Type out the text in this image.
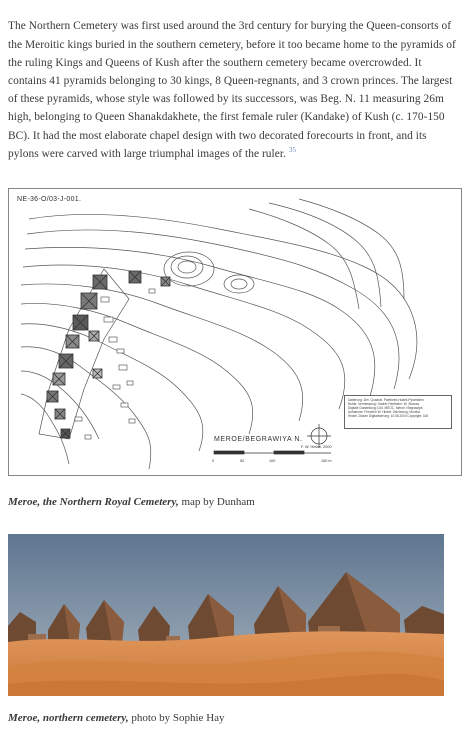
The Northern Cemetery was first used around the 3rd century for burying the Queen-consorts of the Meroitic kings buried in the southern cemetery, before it too became home to the pyramids of the ruling Kings and Queens of Kush after the southern cemetery became overcrowded. It contains 41 pyramids belonging to 30 kings, 8 Queen-regnants, and 3 crown princes. The largest of these pyramids, whose style was followed by its successors, was Beg. N. 11 measuring 26m high, belonging to Queen Shanakdakhete, the first female ruler (Kandake) of Kush (c. 170-150 BC). It had the most elaborate chapel design with two decorated forecourts in front, and its pylons were carved with large triumphal images of the ruler. $^{35}$

NE-36-O/03-J-001.
MEROE/BEGRAWIYA N.
Datierung: Ziel. Quadrat. Paetheim-Hudeli-Pyramiden. Nubia. Vermessung: Hudrer-Paetheim. W. Strauss Digitale Darstellung: DAI, MEOC. Meroe / Begrawiya Aufnahme: Friedrich W. Hinkel. Zeichnung: Monika Hinkel. Datum Digitalisierung: 10.06.2004 Copyright: DAI
0	50	100	150 m
F. W. Hinkel, 2000
Meroe, the Northern Royal Cemetery, map by Dunham
Meroe, northern cemetery, photo by Sophie Hay
